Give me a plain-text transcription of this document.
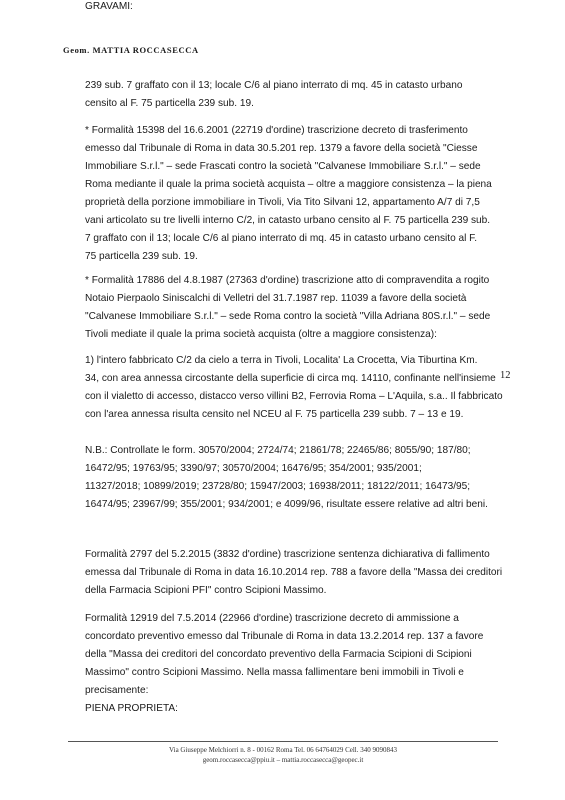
Geom. MATTIA ROCCASECCA
239 sub. 7 graffato con il 13; locale C/6 al piano interrato di mq. 45 in catasto urbano
censito al F. 75 particella 239 sub. 19.
* Formalità 15398 del 16.6.2001 (22719 d'ordine) trascrizione decreto di trasferimento
emesso dal Tribunale di Roma in data 30.5.201 rep. 1379 a favore della società "Ciesse
Immobiliare S.r.l." – sede Frascati contro la società "Calvanese Immobiliare S.r.l." – sede
Roma mediante il quale la prima società acquista – oltre a maggiore consistenza – la piena
proprietà della porzione immobiliare in Tivoli, Via Tito Silvani 12, appartamento A/7 di 7,5
vani articolato su tre livelli interno C/2, in catasto urbano censito al F. 75 particella 239 sub.
7 graffato con il 13; locale C/6 al piano interrato di mq. 45 in catasto urbano censito al F.
75 particella 239 sub. 19.
* Formalità 17886 del 4.8.1987 (27363 d'ordine) trascrizione atto di compravendita a rogito
Notaio Pierpaolo Siniscalchi di Velletri del 31.7.1987 rep. 11039 a favore della società
"Calvanese Immobiliare S.r.l." – sede Roma contro la società "Villa Adriana 80S.r.l." – sede
Tivoli mediate il quale la prima società acquista (oltre a maggiore consistenza):
1) l'intero fabbricato C/2 da cielo a terra in Tivoli, Localita' La Crocetta, Via Tiburtina Km.
34, con area annessa circostante della superficie di circa mq. 14110, confinante nell'insieme
con il vialetto di accesso, distacco verso villini B2, Ferrovia Roma – L'Aquila, s.a.. Il fabbricato
con l'area annessa risulta censito nel NCEU al F. 75 particella 239 subb. 7 – 13 e 19.
N.B.: Controllate le form. 30570/2004; 2724/74; 21861/78; 22465/86; 8055/90; 187/80;
16472/95; 19763/95; 3390/97; 30570/2004; 16476/95; 354/2001; 935/2001;
11327/2018; 10899/2019; 23728/80; 15947/2003; 16938/2011; 18122/2011; 16473/95;
16474/95; 23967/99; 355/2001; 934/2001; e 4099/96, risultate essere relative ad altri beni.
GRAVAMI:
Formalità 2797 del 5.2.2015 (3832 d'ordine) trascrizione sentenza dichiarativa di fallimento
emessa dal Tribunale di Roma in data 16.10.2014 rep. 788 a favore della "Massa dei creditori
della Farmacia Scipioni PFI" contro Scipioni Massimo.
Formalità 12919 del 7.5.2014 (22966 d'ordine) trascrizione decreto di ammissione a
concordato preventivo emesso dal Tribunale di Roma in data 13.2.2014 rep. 137 a favore
della "Massa dei creditori del concordato preventivo della Farmacia Scipioni di Scipioni
Massimo" contro Scipioni Massimo. Nella massa fallimentare beni immobili in Tivoli e
precisamente:
PIENA PROPRIETA:
12
Via Giuseppe Melchiorri n. 8 - 00162 Roma Tel. 06 64764029 Cell. 340 9090843
geom.roccasecca@ppiu.it – mattia.roccasecca@geopec.it
